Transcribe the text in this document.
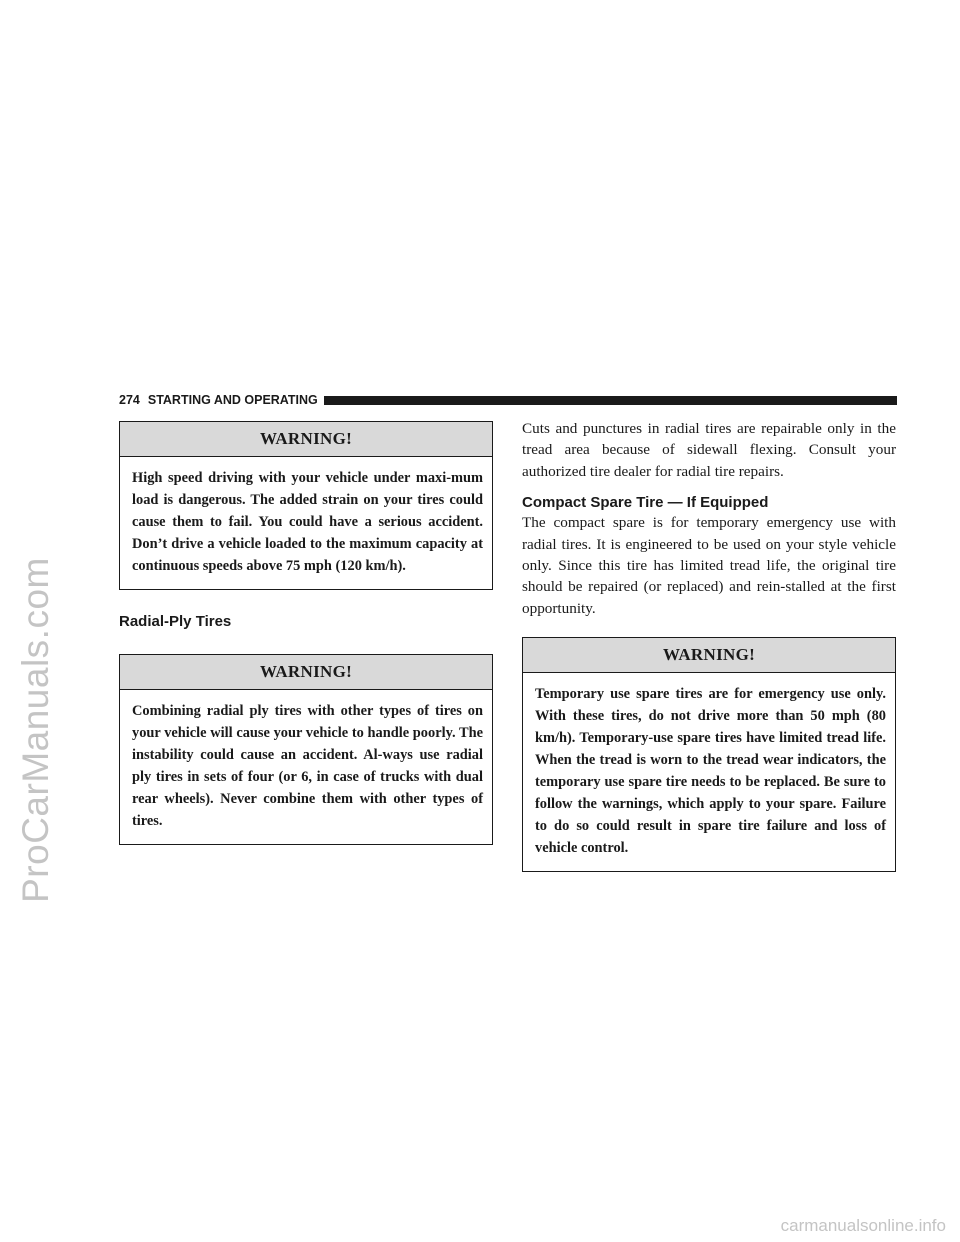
ProCarManuals.com
274 STARTING AND OPERATING
WARNING!
High speed driving with your vehicle under maxi-mum load is dangerous. The added strain on your tires could cause them to fail. You could have a serious accident. Don’t drive a vehicle loaded to the maximum capacity at continuous speeds above 75 mph (120 km/h).
Radial-Ply Tires
WARNING!
Combining radial ply tires with other types of tires on your vehicle will cause your vehicle to handle poorly. The instability could cause an accident. Al-ways use radial ply tires in sets of four (or 6, in case of trucks with dual rear wheels). Never combine them with other types of tires.

Cuts and punctures in radial tires are repairable only in the tread area because of sidewall flexing. Consult your authorized tire dealer for radial tire repairs.

Compact Spare Tire — If Equipped

The compact spare is for temporary emergency use with radial tires. It is engineered to be used on your style vehicle only. Since this tire has limited tread life, the original tire should be repaired (or replaced) and rein-stalled at the first opportunity.

WARNING!
Temporary use spare tires are for emergency use only. With these tires, do not drive more than 50 mph (80 km/h). Temporary-use spare tires have limited tread life. When the tread is worn to the tread wear indicators, the temporary use spare tire needs to be replaced. Be sure to follow the warnings, which apply to your spare. Failure to do so could result in spare tire failure and loss of vehicle control.
carmanualsonline.info
